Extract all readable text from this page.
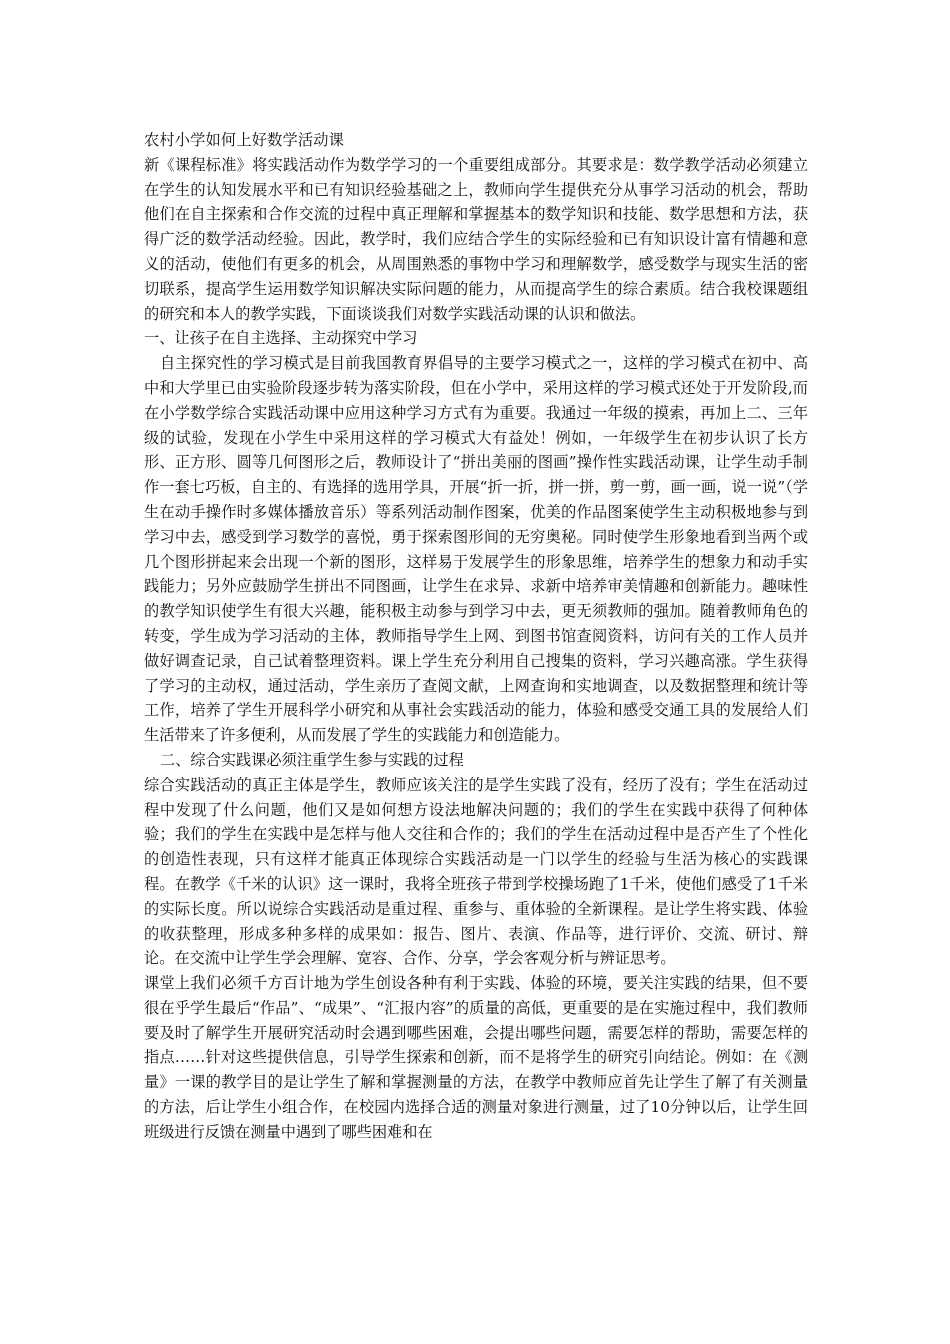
农村小学如何上好数学活动课

新《课程标准》将实践活动作为数学学习的一个重要组成部分。其要求是：数学教学活动必须建立在学生的认知发展水平和已有知识经验基础之上，教师向学生提供充分从事学习活动的机会，帮助他们在自主探索和合作交流的过程中真正理解和掌握基本的数学知识和技能、数学思想和方法，获得广泛的数学活动经验。因此，教学时，我们应结合学生的实际经验和已有知识设计富有情趣和意义的活动，使他们有更多的机会，从周围熟悉的事物中学习和理解数学，感受数学与现实生活的密切联系，提高学生运用数学知识解决实际问题的能力，从而提高学生的综合素质。结合我校课题组的研究和本人的教学实践，下面谈谈我们对数学实践活动课的认识和做法。

一、让孩子在自主选择、主动探究中学习

自主探究性的学习模式是目前我国教育界倡导的主要学习模式之一，这样的学习模式在初中、高中和大学里已由实验阶段逐步转为落实阶段，但在小学中，采用这样的学习模式还处于开发阶段,而在小学数学综合实践活动课中应用这种学习方式有为重要。我通过一年级的摸索，再加上二、三年级的试验，发现在小学生中采用这样的学习模式大有益处！例如，一年级学生在初步认识了长方形、正方形、圆等几何图形之后，教师设计了“拼出美丽的图画”操作性实践活动课，让学生动手制作一套七巧板，自主的、有选择的选用学具，开展“折一折，拼一拼，剪一剪，画一画，说一说”（学生在动手操作时多媒体播放音乐）等系列活动制作图案，优美的作品图案使学生主动积极地参与到学习中去，感受到学习数学的喜悦，勇于探索图形间的无穷奥秘。同时使学生形象地看到当两个或几个图形拼起来会出现一个新的图形，这样易于发展学生的形象思维，培养学生的想象力和动手实践能力；另外应鼓励学生拼出不同图画，让学生在求异、求新中培养审美情趣和创新能力。趣味性的教学知识使学生有很大兴趣，能积极主动参与到学习中去，更无须教师的强加。随着教师角色的转变，学生成为学习活动的主体，教师指导学生上网、到图书馆查阅资料，访问有关的工作人员并做好调查记录，自己试着整理资料。课上学生充分利用自己搜集的资料，学习兴趣高涨。学生获得了学习的主动权，通过活动，学生亲历了查阅文献，上网查询和实地调查，以及数据整理和统计等工作，培养了学生开展科学小研究和从事社会实践活动的能力，体验和感受交通工具的发展给人们生活带来了许多便利，从而发展了学生的实践能力和创造能力。

二、综合实践课必须注重学生参与实践的过程

综合实践活动的真正主体是学生，教师应该关注的是学生实践了没有，经历了没有；学生在活动过程中发现了什么问题，他们又是如何想方设法地解决问题的；我们的学生在实践中获得了何种体验；我们的学生在实践中是怎样与他人交往和合作的；我们的学生在活动过程中是否产生了个性化的创造性表现，只有这样才能真正体现综合实践活动是一门以学生的经验与生活为核心的实践课程。在教学《千米的认识》这一课时，我将全班孩子带到学校操场跑了1千米，使他们感受了1千米的实际长度。所以说综合实践活动是重过程、重参与、重体验的全新课程。是让学生将实践、体验的收获整理，形成多种多样的成果如：报告、图片、表演、作品等，进行评价、交流、研讨、辩论。在交流中让学生学会理解、宽容、合作、分享，学会客观分析与辨证思考。

课堂上我们必须千方百计地为学生创设各种有利于实践、体验的环境，要关注实践的结果，但不要很在乎学生最后“作品”、“成果”、“汇报内容”的质量的高低，更重要的是在实施过程中，我们教师要及时了解学生开展研究活动时会遇到哪些困难，会提出哪些问题，需要怎样的帮助，需要怎样的指点……针对这些提供信息，引导学生探索和创新，而不是将学生的研究引向结论。例如：在《测量》一课的教学目的是让学生了解和掌握测量的方法，在教学中教师应首先让学生了解了有关测量的方法，后让学生小组合作，在校园内选择合适的测量对象进行测量，过了10分钟以后，让学生回班级进行反馈在测量中遇到了哪些困难和在
